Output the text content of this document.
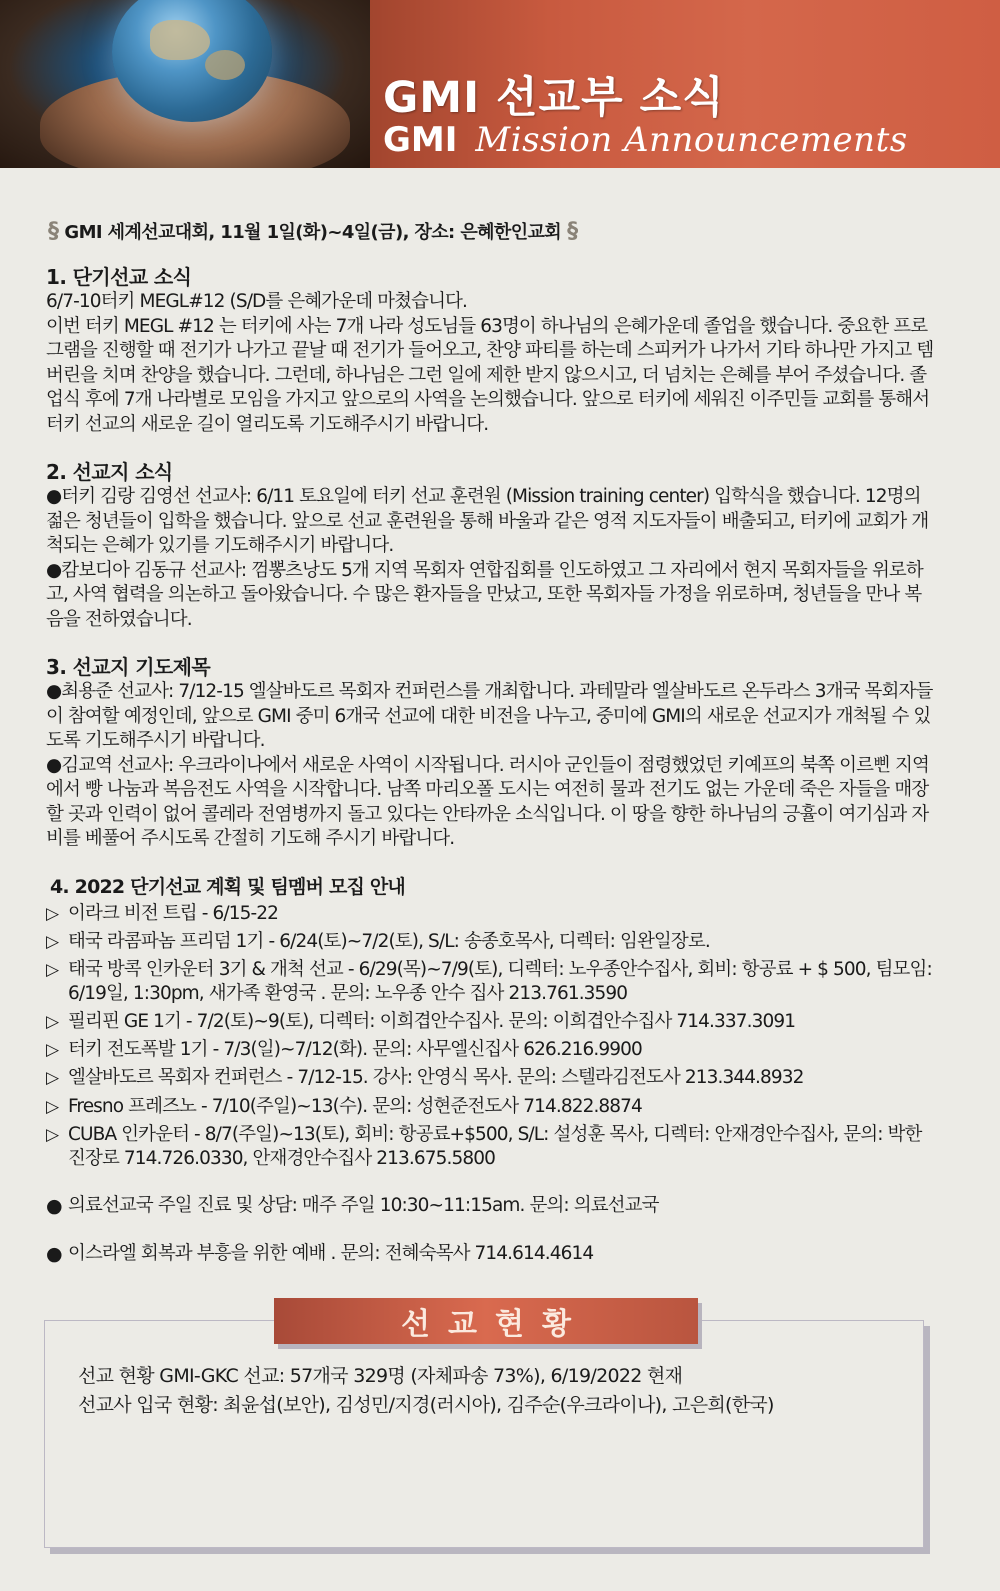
GMI 선교부 소식
GMI Mission Announcements
§ GMI 세계선교대회, 11월 1일(화)~4일(금), 장소: 은혜한인교회 §
1. 단기선교 소식

6/7-10터키 MEGL#12 (S/D를 은혜가운데 마쳤습니다.

이번 터키 MEGL #12 는 터키에 사는 7개 나라 성도님들 63명이 하나님의 은혜가운데 졸업을 했습니다. 중요한 프로그램을 진행할 때 전기가 나가고 끝날 때 전기가 들어오고, 찬양 파티를 하는데 스피커가 나가서 기타 하나만 가지고 템버린을 치며 찬양을 했습니다. 그런데, 하나님은 그런 일에 제한 받지 않으시고, 더 넘치는 은혜를 부어 주셨습니다. 졸업식 후에 7개 나라별로 모임을 가지고 앞으로의 사역을 논의했습니다. 앞으로 터키에 세워진 이주민들 교회를 통해서 터키 선교의 새로운 길이 열리도록 기도해주시기 바랍니다.

2. 선교지 소식

●터키 김랑 김영선 선교사: 6/11 토요일에 터키 선교 훈련원 (Mission training center) 입학식을 했습니다. 12명의 젊은 청년들이 입학을 했습니다. 앞으로 선교 훈련원을 통해 바울과 같은 영적 지도자들이 배출되고, 터키에 교회가 개척되는 은혜가 있기를 기도해주시기 바랍니다.

●캄보디아 김동규 선교사: 껌뽕츠낭도 5개 지역 목회자 연합집회를 인도하였고 그 자리에서 현지 목회자들을 위로하고, 사역 협력을 의논하고 돌아왔습니다. 수 많은 환자들을 만났고, 또한 목회자들 가정을 위로하며, 청년들을 만나 복음을 전하였습니다.

3. 선교지 기도제목

●최용준 선교사: 7/12-15 엘살바도르 목회자 컨퍼런스를 개최합니다. 과테말라 엘살바도르 온두라스 3개국 목회자들이 참여할 예정인데, 앞으로 GMI 중미 6개국 선교에 대한 비전을 나누고, 중미에 GMI의 새로운 선교지가 개척될 수 있도록 기도해주시기 바랍니다.

●김교역 선교사: 우크라이나에서 새로운 사역이 시작됩니다. 러시아 군인들이 점령했었던 키예프의 북쪽 이르삔 지역에서 빵 나눔과 복음전도 사역을 시작합니다. 남쪽 마리오폴 도시는 여전히 물과 전기도 없는 가운데 죽은 자들을 매장할 곳과 인력이 없어 콜레라 전염병까지 돌고 있다는 안타까운 소식입니다. 이 땅을 향한 하나님의 긍휼이 여기심과 자비를 베풀어 주시도록 간절히 기도해 주시기 바랍니다.

4. 2022 단기선교 계획 및 팀멤버 모집 안내
▷ 이라크 비전 트립 - 6/15-22
▷ 태국 라콤파놈 프리덤 1기 - 6/24(토)~7/2(토), S/L: 송종호목사, 디렉터: 임완일장로.
▷ 태국 방콕 인카운터 3기 & 개척 선교 - 6/29(목)~7/9(토), 디렉터: 노우종안수집사, 회비: 항공료 + $ 500, 팀모임: 6/19일, 1:30pm, 새가족 환영국 . 문의: 노우종 안수 집사 213.761.3590
▷ 필리핀 GE 1기 - 7/2(토)~9(토), 디렉터: 이희겹안수집사. 문의: 이희겹안수집사 714.337.3091
▷ 터키 전도폭발 1기 - 7/3(일)~7/12(화). 문의: 사무엘신집사 626.216.9900
▷ 엘살바도르 목회자 컨퍼런스 - 7/12-15. 강사: 안영식 목사. 문의: 스텔라김전도사 213.344.8932
▷ Fresno 프레즈노 - 7/10(주일)~13(수). 문의: 성현준전도사 714.822.8874
▷ CUBA 인카운터 - 8/7(주일)~13(토), 회비: 항공료+$500, S/L: 설성훈 목사, 디렉터: 안재경안수집사, 문의: 박한진장로 714.726.0330, 안재경안수집사 213.675.5800
● 의료선교국 주일 진료 및 상담: 매주 주일 10:30~11:15am. 문의: 의료선교국
● 이스라엘 회복과 부흥을 위한 예배 . 문의: 전혜숙목사 714.614.4614
선교현황

선교 현황 GMI-GKC 선교: 57개국 329명 (자체파송 73%), 6/19/2022 현재

선교사 입국 현황: 최윤섭(보안), 김성민/지경(러시아), 김주순(우크라이나), 고은희(한국)
